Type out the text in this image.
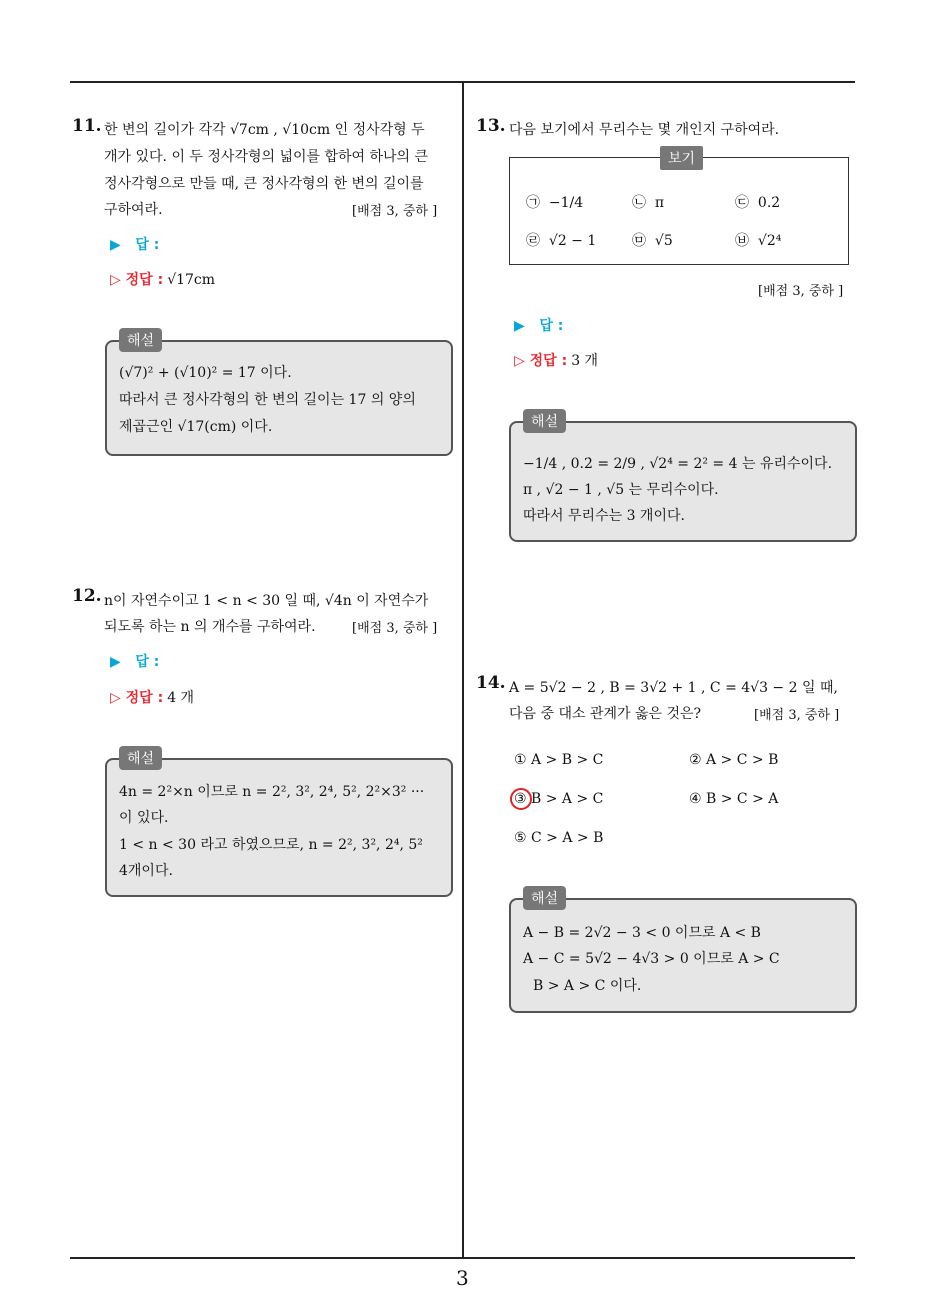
11. 한 변의 길이가 각각 √7cm , √10cm 인 정사각형 두
개가 있다. 이 두 정사각형의 넓이를 합하여 하나의 큰
정사각형으로 만들 때, 큰 정사각형의 한 변의 길이를
구하여라.	[배점 3, 중하 ]
▶ 답 :
▷ 정답 : √17cm
(√7)² + (√10)² = 17 이다.
따라서 큰 정사각형의 한 변의 길이는 17 의 양의
제곱근인 √17(cm) 이다.
해설
12. n이 자연수이고 1 < n < 30 일 때, √4n 이 자연수가
되도록 하는 n 의 개수를 구하여라.	[배점 3, 중하 ]
▶ 답 :
▷ 정답 : 4 개
4n = 2²×n 이므로 n = 2², 3², 2⁴, 5², 2²×3² ···
이 있다.
1 < n < 30 라고 하였으므로, n = 2², 3², 2⁴, 5²
4개이다.
해설
13. 다음 보기에서 무리수는 몇 개인지 구하여라.
㉠ −1/4	㉡ π	㉢ 0.2̇
㉣ √2 − 1	㉤ √5	㉥ √2⁴
보기
[배점 3, 중하 ]
▶ 답 :
▷ 정답 : 3 개
−1/4 , 0.2̇ = 2/9 , √2⁴ = 2² = 4 는 유리수이다.
π , √2 − 1 , √5 는 무리수이다.
따라서 무리수는 3 개이다.
해설
14. A = 5√2 − 2 , B = 3√2 + 1 , C = 4√3 − 2 일 때,
다음 중 대소 관계가 옳은 것은?	[배점 3, 중하 ]
① A > B > C	② A > C > B
③ B > A > C	④ B > C > A
⑤ C > A > B
A − B = 2√2 − 3 < 0 이므로 A < B
A − C = 5√2 − 4√3 > 0 이므로 A > C
B > A > C 이다.
해설
3
